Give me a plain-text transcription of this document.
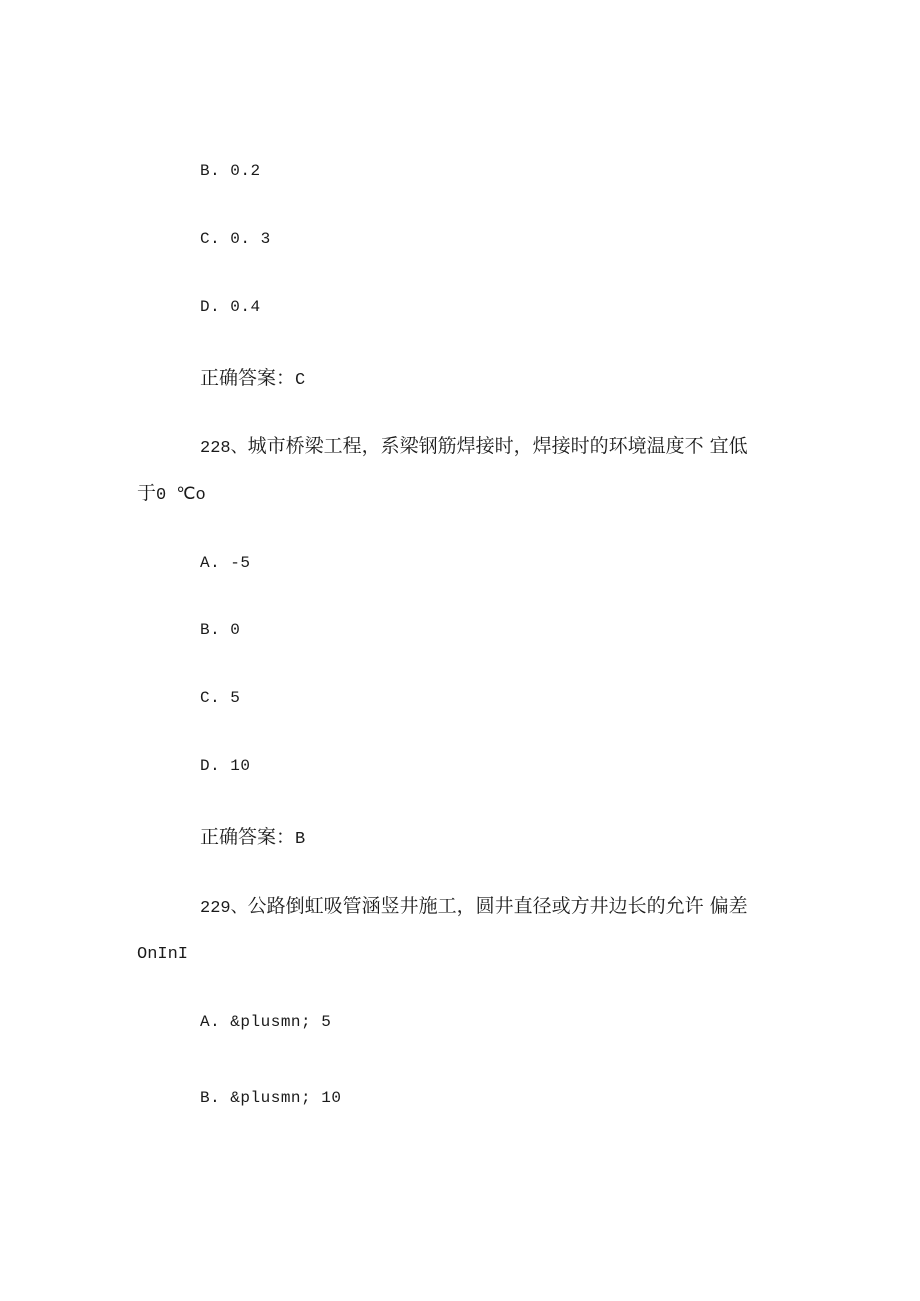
B. 0.2
C. 0. 3
D. 0.4
正确答案：C
228、城市桥梁工程，系梁钢筋焊接时，焊接时的环境温度不 宜低
于0 ℃o
A. -5
B. 0
C. 5
D. 10
正确答案：B
229、公路倒虹吸管涵竖井施工，圆井直径或方井边长的允许 偏差
OnInI
A. &plusmn; 5
B. &plusmn; 10
